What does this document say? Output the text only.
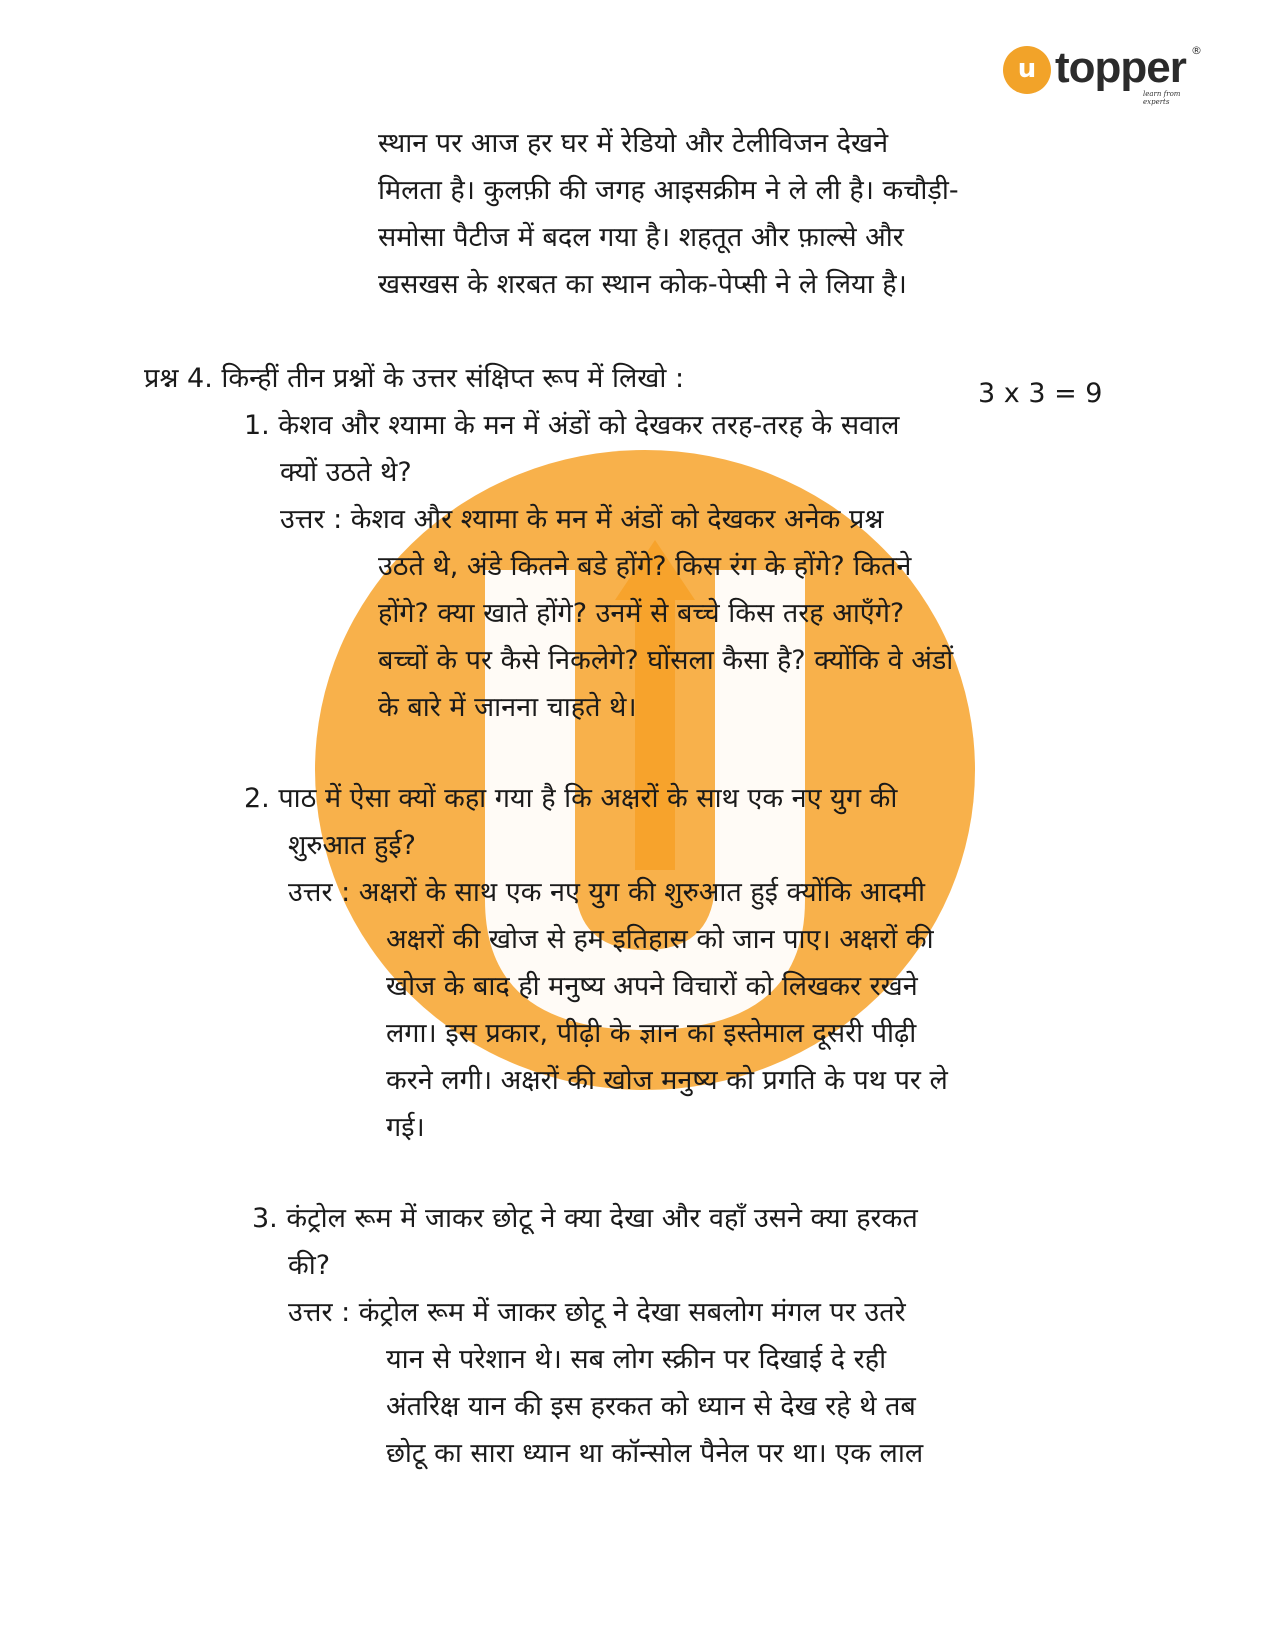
u topper ®
learn from experts
स्थान पर आज हर घर में रेडियो और टेलीविजन देखने
मिलता है। कुलफ़ी की जगह आइसक्रीम ने ले ली है। कचौड़ी-
समोसा पैटीज में बदल गया है। शहतूत और फ़ाल्से और
खसखस के शरबत का स्थान कोक-पेप्सी ने ले लिया है।
प्रश्न 4. किन्हीं तीन प्रश्नों के उत्तर संक्षिप्त रूप में लिखो :	3 x 3 = 9
1. केशव और श्यामा के मन में अंडों को देखकर तरह-तरह के सवाल
क्यों उठते थे?
उत्तर : केशव और श्यामा के मन में अंडों को देखकर अनेक प्रश्न
उठते थे, अंडे कितने बडे होंगे? किस रंग के होंगे? कितने
होंगे? क्या खाते होंगे? उनमें से बच्चे किस तरह आएँगे?
बच्चों के पर कैसे निकलेगे? घोंसला कैसा है? क्योंकि वे अंडों
के बारे में जानना चाहते थे।
2. पाठ में ऐसा क्यों कहा गया है कि अक्षरों के साथ एक नए युग की
शुरुआत हुई?
उत्तर : अक्षरों के साथ एक नए युग की शुरुआत हुई क्योंकि आदमी
अक्षरों की खोज से हम इतिहास को जान पाए। अक्षरों की
खोज के बाद ही मनुष्य अपने विचारों को लिखकर रखने
लगा। इस प्रकार, पीढ़ी के ज्ञान का इस्तेमाल दूसरी पीढ़ी
करने लगी। अक्षरों की खोज मनुष्य को प्रगति के पथ पर ले
गई।
3. कंट्रोल रूम में जाकर छोटू ने क्या देखा और वहाँ उसने क्या हरकत
की?
उत्तर : कंट्रोल रूम में जाकर छोटू ने देखा सबलोग मंगल पर उतरे
यान से परेशान थे। सब लोग स्क्रीन पर दिखाई दे रही
अंतरिक्ष यान की इस हरकत को ध्यान से देख रहे थे तब
छोटू का सारा ध्यान था कॉन्सोल पैनेल पर था। एक लाल
